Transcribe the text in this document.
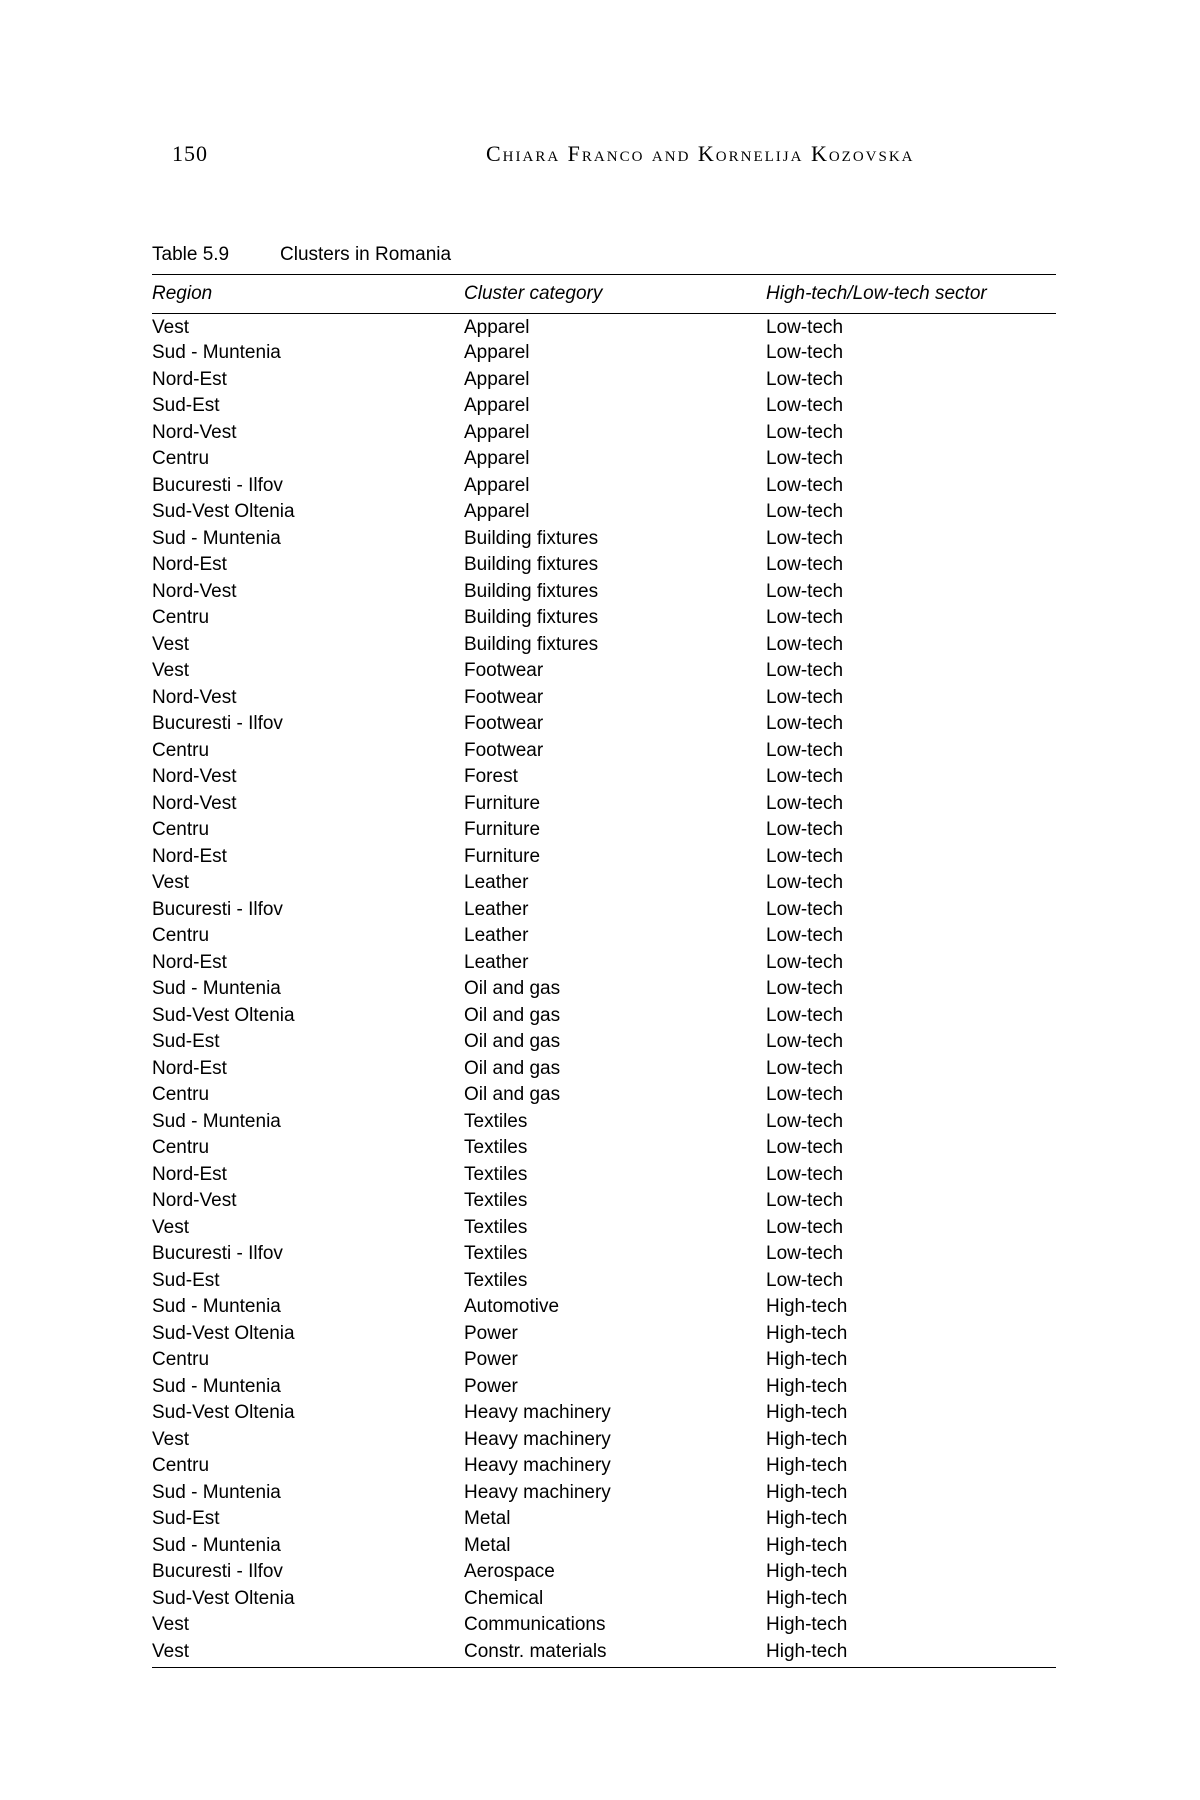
150	Chiara Franco and Kornelija Kozovska
Table 5.9	Clusters in Romania
Region	Cluster category	High-tech/Low-tech sector
Vest	Apparel	Low-tech
Sud - Muntenia	Apparel	Low-tech
Nord-Est	Apparel	Low-tech
Sud-Est	Apparel	Low-tech
Nord-Vest	Apparel	Low-tech
Centru	Apparel	Low-tech
Bucuresti - Ilfov	Apparel	Low-tech
Sud-Vest Oltenia	Apparel	Low-tech
Sud - Muntenia	Building fixtures	Low-tech
Nord-Est	Building fixtures	Low-tech
Nord-Vest	Building fixtures	Low-tech
Centru	Building fixtures	Low-tech
Vest	Building fixtures	Low-tech
Vest	Footwear	Low-tech
Nord-Vest	Footwear	Low-tech
Bucuresti - Ilfov	Footwear	Low-tech
Centru	Footwear	Low-tech
Nord-Vest	Forest	Low-tech
Nord-Vest	Furniture	Low-tech
Centru	Furniture	Low-tech
Nord-Est	Furniture	Low-tech
Vest	Leather	Low-tech
Bucuresti - Ilfov	Leather	Low-tech
Centru	Leather	Low-tech
Nord-Est	Leather	Low-tech
Sud - Muntenia	Oil and gas	Low-tech
Sud-Vest Oltenia	Oil and gas	Low-tech
Sud-Est	Oil and gas	Low-tech
Nord-Est	Oil and gas	Low-tech
Centru	Oil and gas	Low-tech
Sud - Muntenia	Textiles	Low-tech
Centru	Textiles	Low-tech
Nord-Est	Textiles	Low-tech
Nord-Vest	Textiles	Low-tech
Vest	Textiles	Low-tech
Bucuresti - Ilfov	Textiles	Low-tech
Sud-Est	Textiles	Low-tech
Sud - Muntenia	Automotive	High-tech
Sud-Vest Oltenia	Power	High-tech
Centru	Power	High-tech
Sud - Muntenia	Power	High-tech
Sud-Vest Oltenia	Heavy machinery	High-tech
Vest	Heavy machinery	High-tech
Centru	Heavy machinery	High-tech
Sud - Muntenia	Heavy machinery	High-tech
Sud-Est	Metal	High-tech
Sud - Muntenia	Metal	High-tech
Bucuresti - Ilfov	Aerospace	High-tech
Sud-Vest Oltenia	Chemical	High-tech
Vest	Communications	High-tech
Vest	Constr. materials	High-tech
